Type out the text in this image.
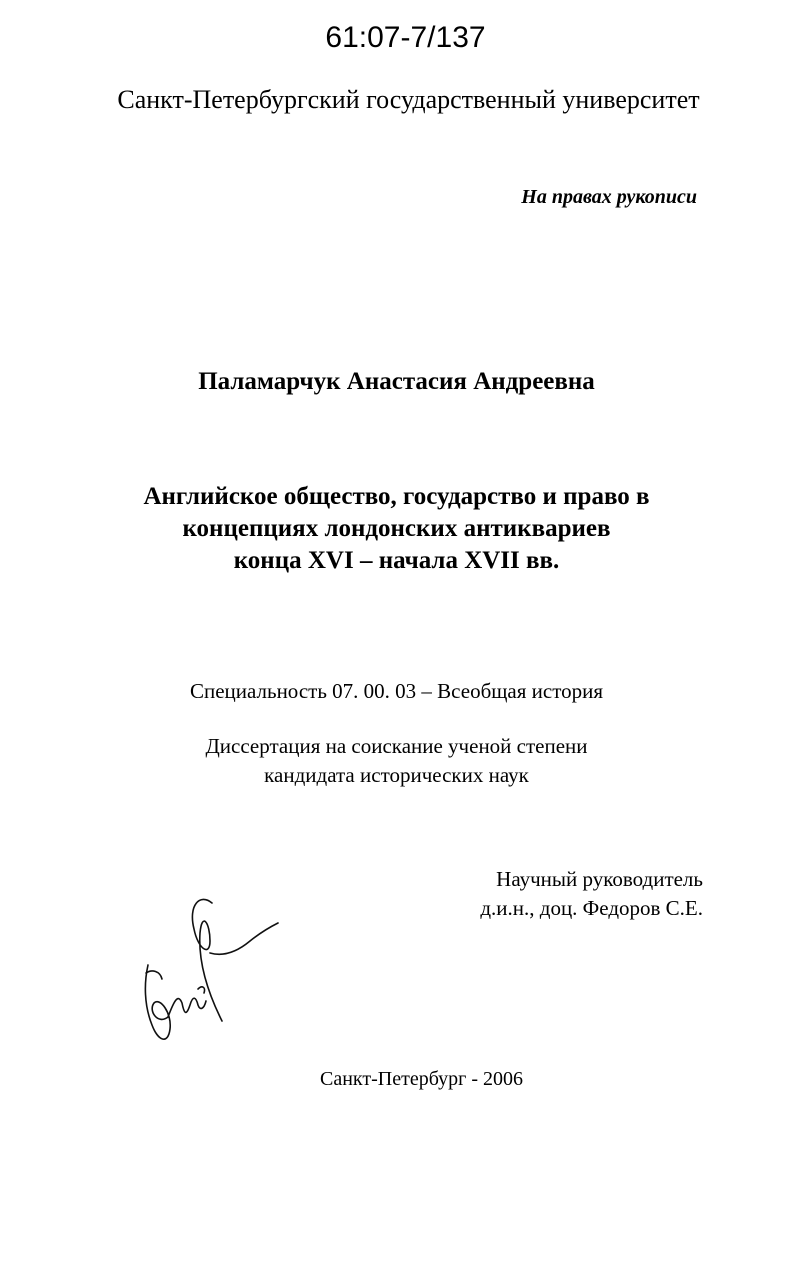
61:07-7/137
Санкт-Петербургский государственный университет
На правах рукописи
Паламарчук Анастасия Андреевна
Английское общество, государство и право в
концепциях лондонских антиквариев
конца XVI – начала XVII вв.
Специальность 07. 00. 03 – Всеобщая история
Диссертация на соискание ученой степени
кандидата исторических наук
Научный руководитель
д.и.н., доц. Федоров С.Е.
Санкт-Петербург - 2006
